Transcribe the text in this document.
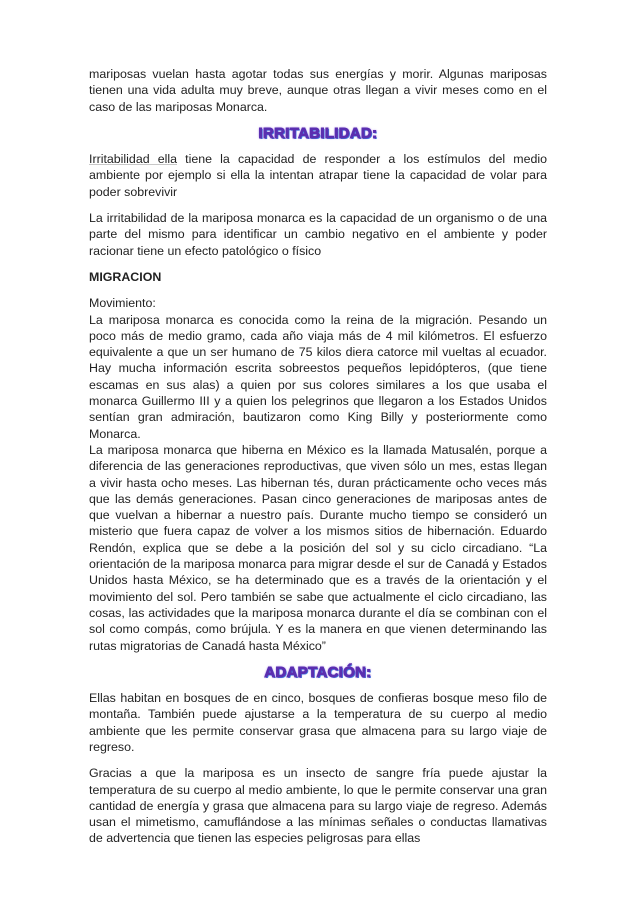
mariposas vuelan hasta agotar todas sus energías y morir. Algunas mariposas tienen una vida adulta muy breve, aunque otras llegan a vivir meses como en el caso de las mariposas Monarca.

IRRITABILIDAD:

Irritabilidad ella tiene la capacidad de responder a los estímulos del medio ambiente por ejemplo si ella la intentan atrapar tiene la capacidad de volar para poder sobrevivir

La irritabilidad de la mariposa monarca es la capacidad de un organismo o de una parte del mismo para identificar un cambio negativo en el ambiente y poder racionar tiene un efecto patológico o físico

MIGRACION

Movimiento:

La mariposa monarca es conocida como la reina de la migración. Pesando un poco más de medio gramo, cada año viaja más de 4 mil kilómetros. El esfuerzo equivalente a que un ser humano de 75 kilos diera catorce mil vueltas al ecuador. Hay mucha información escrita sobreestos pequeños lepidópteros, (que tiene escamas en sus alas) a quien por sus colores similares a los que usaba el monarca Guillermo III y a quien los pelegrinos que llegaron a los Estados Unidos sentían gran admiración, bautizaron como King Billy y posteriormente como Monarca.

La mariposa monarca que hiberna en México es la llamada Matusalén, porque a diferencia de las generaciones reproductivas, que viven sólo un mes, estas llegan a vivir hasta ocho meses. Las hibernan tés, duran prácticamente ocho veces más que las demás generaciones. Pasan cinco generaciones de mariposas antes de que vuelvan a hibernar a nuestro país. Durante mucho tiempo se consideró un misterio que fuera capaz de volver a los mismos sitios de hibernación. Eduardo Rendón, explica que se debe a la posición del sol y su ciclo circadiano. “La orientación de la mariposa monarca para migrar desde el sur de Canadá y Estados Unidos hasta México, se ha determinado que es a través de la orientación y el movimiento del sol. Pero también se sabe que actualmente el ciclo circadiano, las cosas, las actividades que la mariposa monarca durante el día se combinan con el sol como compás, como brújula. Y es la manera en que vienen determinando las rutas migratorias de Canadá hasta México”

ADAPTACIÓN:

Ellas habitan en bosques de en cinco, bosques de confieras bosque meso filo de montaña. También puede ajustarse a la temperatura de su cuerpo al medio ambiente que les permite conservar grasa que almacena para su largo viaje de regreso.

Gracias a que la mariposa es un insecto de sangre fría puede ajustar la temperatura de su cuerpo al medio ambiente, lo que le permite conservar una gran cantidad de energía y grasa que almacena para su largo viaje de regreso. Además usan el mimetismo, camuflándose a las mínimas señales o conductas llamativas de advertencia que tienen las especies peligrosas para ellas
